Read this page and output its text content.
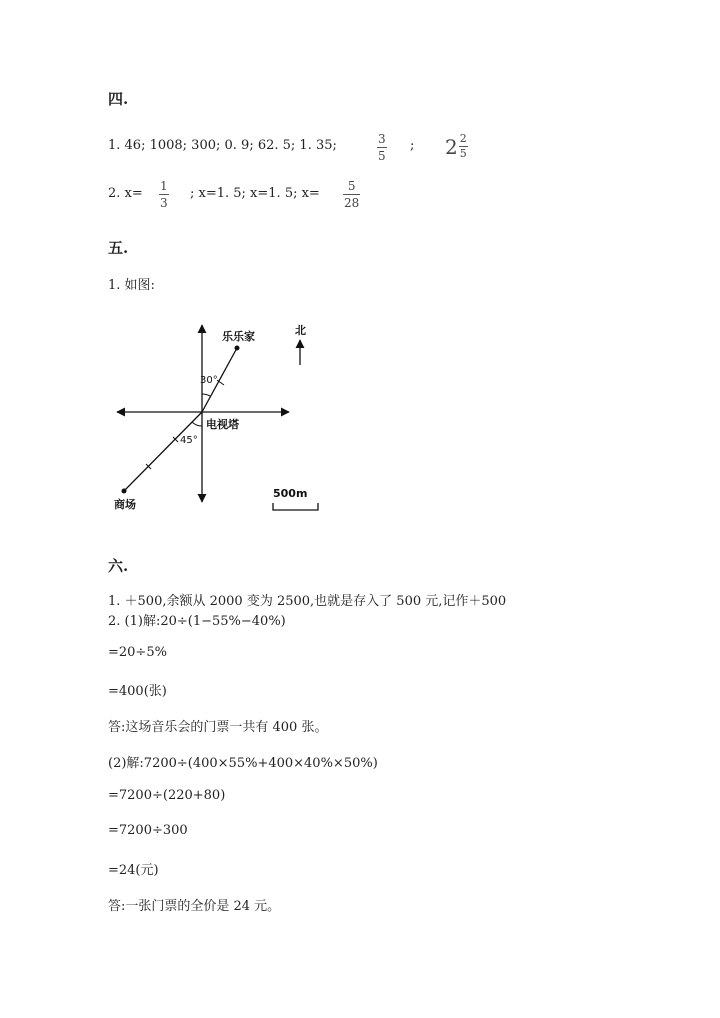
四.
1. 46; 1008; 300; 0. 9; 62. 5; 1. 35;	3
5
; $2 \frac{2}{5}$
2. x= 1
3
; x=1. 5; x=1. 5; x= 5
28
五.
1. 如图:
乐乐家	北
30°
电视塔
45°
商场
500m
六.
1. ＋500,余额从 2000 变为 2500,也就是存入了 500 元,记作＋500
2. (1)解:20÷(1−55%−40%)
=20÷5%
=400(张)
答:这场音乐会的门票一共有 400 张。
(2)解:7200÷(400×55%+400×40%×50%)
=7200÷(220+80)
=7200÷300
=24(元)
答:一张门票的全价是 24 元。
